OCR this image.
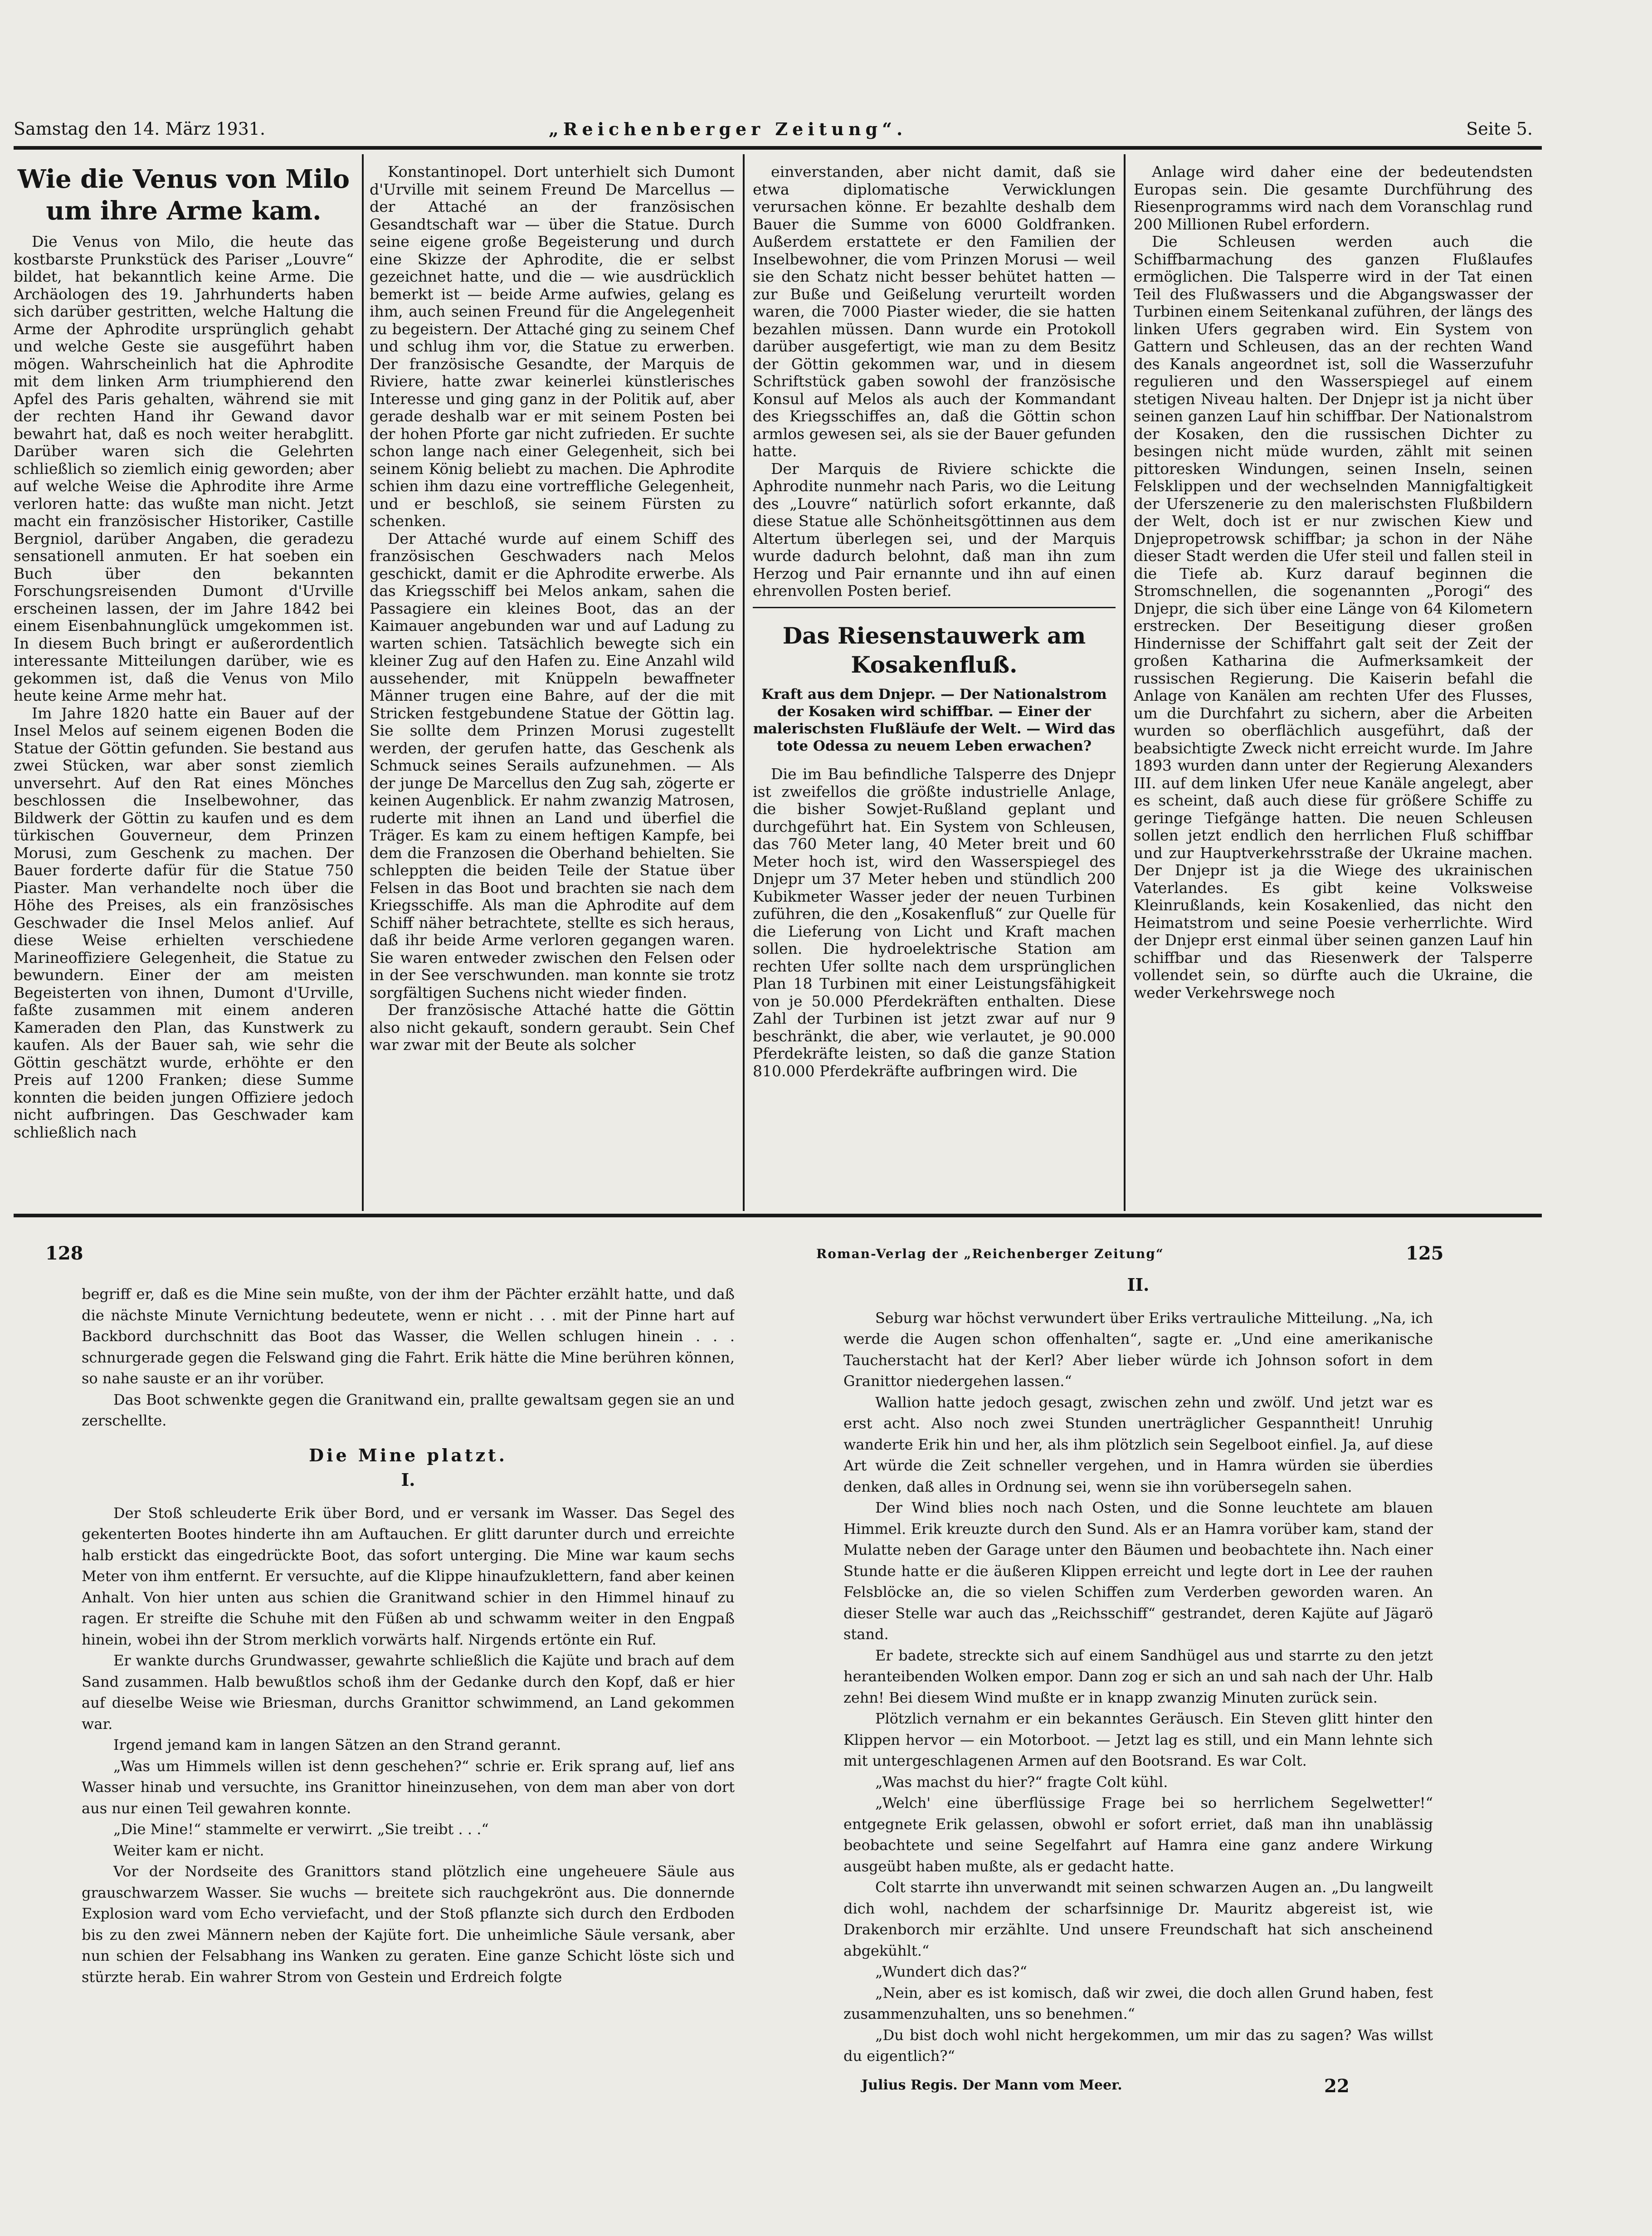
Samstag den 14. März 1931.	„Reichenberger Zeitung“.	Seite 5.
Wie die Venus von Milo um ihre Arme kam.

Die Venus von Milo, die heute das kostbarste Prunkstück des Pariser „Louvre“ bildet, hat bekanntlich keine Arme. Die Archäologen des 19. Jahrhunderts haben sich darüber gestritten, welche Haltung die Arme der Aphrodite ursprünglich gehabt und welche Geste sie ausgeführt haben mögen. Wahrscheinlich hat die Aphrodite mit dem linken Arm triumphierend den Apfel des Paris gehalten, während sie mit der rechten Hand ihr Gewand davor bewahrt hat, daß es noch weiter herabglitt. Darüber waren sich die Gelehrten schließlich so ziemlich einig geworden; aber auf welche Weise die Aphrodite ihre Arme verloren hatte: das wußte man nicht. Jetzt macht ein französischer Historiker, Castille Bergniol, darüber Angaben, die geradezu sensationell anmuten. Er hat soeben ein Buch über den bekannten Forschungsreisenden Dumont d'Urville erscheinen lassen, der im Jahre 1842 bei einem Eisenbahnunglück umgekommen ist. In diesem Buch bringt er außerordentlich interessante Mitteilungen darüber, wie es gekommen ist, daß die Venus von Milo heute keine Arme mehr hat.

Im Jahre 1820 hatte ein Bauer auf der Insel Melos auf seinem eigenen Boden die Statue der Göttin gefunden. Sie bestand aus zwei Stücken, war aber sonst ziemlich unversehrt. Auf den Rat eines Mönches beschlossen die Inselbewohner, das Bildwerk der Göttin zu kaufen und es dem türkischen Gouverneur, dem Prinzen Morusi, zum Geschenk zu machen. Der Bauer forderte dafür für die Statue 750 Piaster. Man verhandelte noch über die Höhe des Preises, als ein französisches Geschwader die Insel Melos anlief. Auf diese Weise erhielten verschiedene Marineoffiziere Gelegenheit, die Statue zu bewundern. Einer der am meisten Begeisterten von ihnen, Dumont d'Urville, faßte zusammen mit einem anderen Kameraden den Plan, das Kunstwerk zu kaufen. Als der Bauer sah, wie sehr die Göttin geschätzt wurde, erhöhte er den Preis auf 1200 Franken; diese Summe konnten die beiden jungen Offiziere jedoch nicht aufbringen. Das Geschwader kam schließlich nach

Konstantinopel. Dort unterhielt sich Dumont d'Urville mit seinem Freund De Marcellus — der Attaché an der französischen Gesandtschaft war — über die Statue. Durch seine eigene große Begeisterung und durch eine Skizze der Aphrodite, die er selbst gezeichnet hatte, und die — wie ausdrücklich bemerkt ist — beide Arme aufwies, gelang es ihm, auch seinen Freund für die Angelegenheit zu begeistern. Der Attaché ging zu seinem Chef und schlug ihm vor, die Statue zu erwerben. Der französische Gesandte, der Marquis de Riviere, hatte zwar keinerlei künstlerisches Interesse und ging ganz in der Politik auf, aber gerade deshalb war er mit seinem Posten bei der hohen Pforte gar nicht zufrieden. Er suchte schon lange nach einer Gelegenheit, sich bei seinem König beliebt zu machen. Die Aphrodite schien ihm dazu eine vortreffliche Gelegenheit, und er beschloß, sie seinem Fürsten zu schenken.

Der Attaché wurde auf einem Schiff des französischen Geschwaders nach Melos geschickt, damit er die Aphrodite erwerbe. Als das Kriegsschiff bei Melos ankam, sahen die Passagiere ein kleines Boot, das an der Kaimauer angebunden war und auf Ladung zu warten schien. Tatsächlich bewegte sich ein kleiner Zug auf den Hafen zu. Eine Anzahl wild aussehender, mit Knüppeln bewaffneter Männer trugen eine Bahre, auf der die mit Stricken festgebundene Statue der Göttin lag. Sie sollte dem Prinzen Morusi zugestellt werden, der gerufen hatte, das Geschenk als Schmuck seines Serails aufzunehmen. — Als der junge De Marcellus den Zug sah, zögerte er keinen Augenblick. Er nahm zwanzig Matrosen, ruderte mit ihnen an Land und überfiel die Träger. Es kam zu einem heftigen Kampfe, bei dem die Franzosen die Oberhand behielten. Sie schleppten die beiden Teile der Statue über Felsen in das Boot und brachten sie nach dem Kriegsschiffe. Als man die Aphrodite auf dem Schiff näher betrachtete, stellte es sich heraus, daß ihr beide Arme verloren gegangen waren. Sie waren entweder zwischen den Felsen oder in der See verschwunden. man konnte sie trotz sorgfältigen Suchens nicht wieder finden.

Der französische Attaché hatte die Göttin also nicht gekauft, sondern geraubt. Sein Chef war zwar mit der Beute als solcher

einverstanden, aber nicht damit, daß sie etwa diplomatische Verwicklungen verursachen könne. Er bezahlte deshalb dem Bauer die Summe von 6000 Goldfranken. Außerdem erstattete er den Familien der Inselbewohner, die vom Prinzen Morusi — weil sie den Schatz nicht besser behütet hatten — zur Buße und Geißelung verurteilt worden waren, die 7000 Piaster wieder, die sie hatten bezahlen müssen. Dann wurde ein Protokoll darüber ausgefertigt, wie man zu dem Besitz der Göttin gekommen war, und in diesem Schriftstück gaben sowohl der französische Konsul auf Melos als auch der Kommandant des Kriegsschiffes an, daß die Göttin schon armlos gewesen sei, als sie der Bauer gefunden hatte.

Der Marquis de Riviere schickte die Aphrodite nunmehr nach Paris, wo die Leitung des „Louvre“ natürlich sofort erkannte, daß diese Statue alle Schönheitsgöttinnen aus dem Altertum überlegen sei, und der Marquis wurde dadurch belohnt, daß man ihn zum Herzog und Pair ernannte und ihn auf einen ehrenvollen Posten berief.

Das Riesenstauwerk am Kosakenfluß.
Kraft aus dem Dnjepr. — Der Nationalstrom der Kosaken wird schiffbar. — Einer der malerischsten Flußläufe der Welt. — Wird das tote Odessa zu neuem Leben erwachen?

Die im Bau befindliche Talsperre des Dnjepr ist zweifellos die größte industrielle Anlage, die bisher Sowjet-Rußland geplant und durchgeführt hat. Ein System von Schleusen, das 760 Meter lang, 40 Meter breit und 60 Meter hoch ist, wird den Wasserspiegel des Dnjepr um 37 Meter heben und stündlich 200 Kubikmeter Wasser jeder der neuen Turbinen zuführen, die den „Kosakenfluß“ zur Quelle für die Lieferung von Licht und Kraft machen sollen. Die hydroelektrische Station am rechten Ufer sollte nach dem ursprünglichen Plan 18 Turbinen mit einer Leistungsfähigkeit von je 50.000 Pferdekräften enthalten. Diese Zahl der Turbinen ist jetzt zwar auf nur 9 beschränkt, die aber, wie verlautet, je 90.000 Pferdekräfte leisten, so daß die ganze Station 810.000 Pferdekräfte aufbringen wird. Die

Anlage wird daher eine der bedeutendsten Europas sein. Die gesamte Durchführung des Riesenprogramms wird nach dem Voranschlag rund 200 Millionen Rubel erfordern.

Die Schleusen werden auch die Schiffbarmachung des ganzen Flußlaufes ermöglichen. Die Talsperre wird in der Tat einen Teil des Flußwassers und die Abgangswasser der Turbinen einem Seitenkanal zuführen, der längs des linken Ufers gegraben wird. Ein System von Gattern und Schleusen, das an der rechten Wand des Kanals angeordnet ist, soll die Wasserzufuhr regulieren und den Wasserspiegel auf einem stetigen Niveau halten. Der Dnjepr ist ja nicht über seinen ganzen Lauf hin schiffbar. Der Nationalstrom der Kosaken, den die russischen Dichter zu besingen nicht müde wurden, zählt mit seinen pittoresken Windungen, seinen Inseln, seinen Felsklippen und der wechselnden Mannigfaltigkeit der Uferszenerie zu den malerischsten Flußbildern der Welt, doch ist er nur zwischen Kiew und Dnjepropetrowsk schiffbar; ja schon in der Nähe dieser Stadt werden die Ufer steil und fallen steil in die Tiefe ab. Kurz darauf beginnen die Stromschnellen, die sogenannten „Porogi“ des Dnjepr, die sich über eine Länge von 64 Kilometern erstrecken. Der Beseitigung dieser großen Hindernisse der Schiffahrt galt seit der Zeit der großen Katharina die Aufmerksamkeit der russischen Regierung. Die Kaiserin befahl die Anlage von Kanälen am rechten Ufer des Flusses, um die Durchfahrt zu sichern, aber die Arbeiten wurden so oberflächlich ausgeführt, daß der beabsichtigte Zweck nicht erreicht wurde. Im Jahre 1893 wurden dann unter der Regierung Alexanders III. auf dem linken Ufer neue Kanäle angelegt, aber es scheint, daß auch diese für größere Schiffe zu geringe Tiefgänge hatten. Die neuen Schleusen sollen jetzt endlich den herrlichen Fluß schiffbar und zur Hauptverkehrsstraße der Ukraine machen. Der Dnjepr ist ja die Wiege des ukrainischen Vaterlandes. Es gibt keine Volksweise Kleinrußlands, kein Kosakenlied, das nicht den Heimatstrom und seine Poesie verherrlichte. Wird der Dnjepr erst einmal über seinen ganzen Lauf hin schiffbar und das Riesenwerk der Talsperre vollendet sein, so dürfte auch die Ukraine, die weder Verkehrswege noch

128	Roman-Verlag der „Reichenberger Zeitung“	125

begriff er, daß es die Mine sein mußte, von der ihm der Pächter erzählt hatte, und daß die nächste Minute Vernichtung bedeutete, wenn er nicht . . . mit der Pinne hart auf Backbord durchschnitt das Boot das Wasser, die Wellen schlugen hinein . . . schnurgerade gegen die Felswand ging die Fahrt. Erik hätte die Mine berühren können, so nahe sauste er an ihr vorüber.

Das Boot schwenkte gegen die Granitwand ein, prallte gewaltsam gegen sie an und zerschellte.

Die Mine platzt.
I.

Der Stoß schleuderte Erik über Bord, und er versank im Wasser. Das Segel des gekenterten Bootes hinderte ihn am Auftauchen. Er glitt darunter durch und erreichte halb erstickt das eingedrückte Boot, das sofort unterging. Die Mine war kaum sechs Meter von ihm entfernt. Er versuchte, auf die Klippe hinaufzuklettern, fand aber keinen Anhalt. Von hier unten aus schien die Granitwand schier in den Himmel hinauf zu ragen. Er streifte die Schuhe mit den Füßen ab und schwamm weiter in den Engpaß hinein, wobei ihn der Strom merklich vorwärts half. Nirgends ertönte ein Ruf.

Er wankte durchs Grundwasser, gewahrte schließlich die Kajüte und brach auf dem Sand zusammen. Halb bewußtlos schoß ihm der Gedanke durch den Kopf, daß er hier auf dieselbe Weise wie Briesman, durchs Granittor schwimmend, an Land gekommen war.

Irgend jemand kam in langen Sätzen an den Strand gerannt.

„Was um Himmels willen ist denn geschehen?“ schrie er. Erik sprang auf, lief ans Wasser hinab und versuchte, ins Granittor hineinzusehen, von dem man aber von dort aus nur einen Teil gewahren konnte.

„Die Mine!“ stammelte er verwirrt. „Sie treibt . . .“

Weiter kam er nicht.

Vor der Nordseite des Granittors stand plötzlich eine ungeheuere Säule aus grauschwarzem Wasser. Sie wuchs — breitete sich rauchgekrönt aus. Die donnernde Explosion ward vom Echo verviefacht, und der Stoß pflanzte sich durch den Erdboden bis zu den zwei Männern neben der Kajüte fort. Die unheimliche Säule versank, aber nun schien der Felsabhang ins Wanken zu geraten. Eine ganze Schicht löste sich und stürzte herab. Ein wahrer Strom von Gestein und Erdreich folgte

II.

Seburg war höchst verwundert über Eriks vertrauliche Mitteilung. „Na, ich werde die Augen schon offenhalten“, sagte er. „Und eine amerikanische Taucherstacht hat der Kerl? Aber lieber würde ich Johnson sofort in dem Granittor niedergehen lassen.“

Wallion hatte jedoch gesagt, zwischen zehn und zwölf. Und jetzt war es erst acht. Also noch zwei Stunden unerträglicher Gespanntheit! Unruhig wanderte Erik hin und her, als ihm plötzlich sein Segelboot einfiel. Ja, auf diese Art würde die Zeit schneller vergehen, und in Hamra würden sie überdies denken, daß alles in Ordnung sei, wenn sie ihn vorübersegeln sahen.

Der Wind blies noch nach Osten, und die Sonne leuchtete am blauen Himmel. Erik kreuzte durch den Sund. Als er an Hamra vorüber kam, stand der Mulatte neben der Garage unter den Bäumen und beobachtete ihn. Nach einer Stunde hatte er die äußeren Klippen erreicht und legte dort in Lee der rauhen Felsblöcke an, die so vielen Schiffen zum Verderben geworden waren. An dieser Stelle war auch das „Reichsschiff“ gestrandet, deren Kajüte auf Jägarö stand.

Er badete, streckte sich auf einem Sandhügel aus und starrte zu den jetzt heranteibenden Wolken empor. Dann zog er sich an und sah nach der Uhr. Halb zehn! Bei diesem Wind mußte er in knapp zwanzig Minuten zurück sein.

Plötzlich vernahm er ein bekanntes Geräusch. Ein Steven glitt hinter den Klippen hervor — ein Motorboot. — Jetzt lag es still, und ein Mann lehnte sich mit untergeschlagenen Armen auf den Bootsrand. Es war Colt.

„Was machst du hier?“ fragte Colt kühl.

„Welch' eine überflüssige Frage bei so herrlichem Segelwetter!“ entgegnete Erik gelassen, obwohl er sofort erriet, daß man ihn unablässig beobachtete und seine Segelfahrt auf Hamra eine ganz andere Wirkung ausgeübt haben mußte, als er gedacht hatte.

Colt starrte ihn unverwandt mit seinen schwarzen Augen an. „Du langweilt dich wohl, nachdem der scharfsinnige Dr. Mauritz abgereist ist, wie Drakenborch mir erzählte. Und unsere Freundschaft hat sich anscheinend abgekühlt.“

„Wundert dich das?“

„Nein, aber es ist komisch, daß wir zwei, die doch allen Grund haben, fest zusammenzuhalten, uns so benehmen.“

„Du bist doch wohl nicht hergekommen, um mir das zu sagen? Was willst du eigentlich?“

Julius Regis. Der Mann vom Meer.	22
